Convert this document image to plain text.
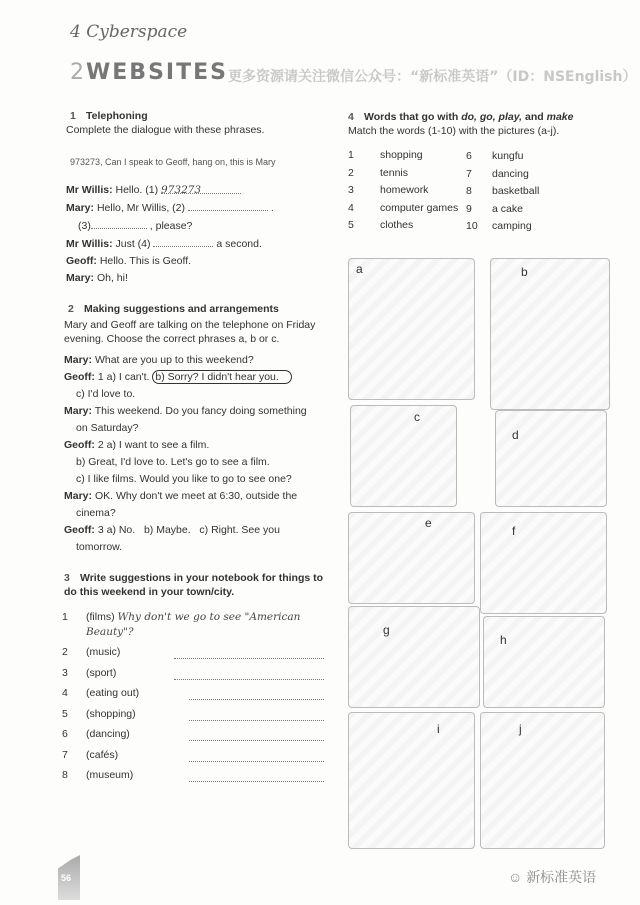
4 Cyberspace
更多资源请关注微信公众号：“新标准英语”（ID：NSEnglish）
2WEBSITES
1 Telephoning
Complete the dialogue with these phrases.
973273, Can I speak to Geoff, hang on, this is Mary
Mr Willis: Hello. (1) 973273
Mary: Hello, Mr Willis, (2)	.
(3)	, please?
Mr Willis: Just (4)	a second.
Geoff: Hello. This is Geoff.
Mary: Oh, hi!
2 Making suggestions and arrangements
Mary and Geoff are talking on the telephone on Friday
evening. Choose the correct phrases a, b or c.
Mary: What are you up to this weekend?
Geoff: 1 a) I can't. b) Sorry? I didn't hear you.
c) I'd love to.
Mary: This weekend. Do you fancy doing something
on Saturday?
Geoff: 2 a) I want to see a film.
b) Great, I'd love to. Let's go to see a film.
c) I like films. Would you like to go to see one?
Mary: OK. Why don't we meet at 6:30, outside the
cinema?
Geoff: 3 a) No. b) Maybe. c) Right. See you
tomorrow.
3 Write suggestions in your notebook for things to
do this weekend in your town/city.
1 (films) Why don't we go to see "American
Beauty"?
2 (music)
3 (sport)
4 (eating out)
5 (shopping)
6 (dancing)
7 (cafés)
8 (museum)
4 Words that go with do, go, play, and make
Match the words (1-10) with the pictures (a-j).
1 shopping
2 tennis
3 homework
4 computer games
5 clothes
6 kungfu
7 dancing
8 basketball
9 a cake
10 camping
a	b
c
d
e
f
g
h
i	j
56	☺ 新标准英语
